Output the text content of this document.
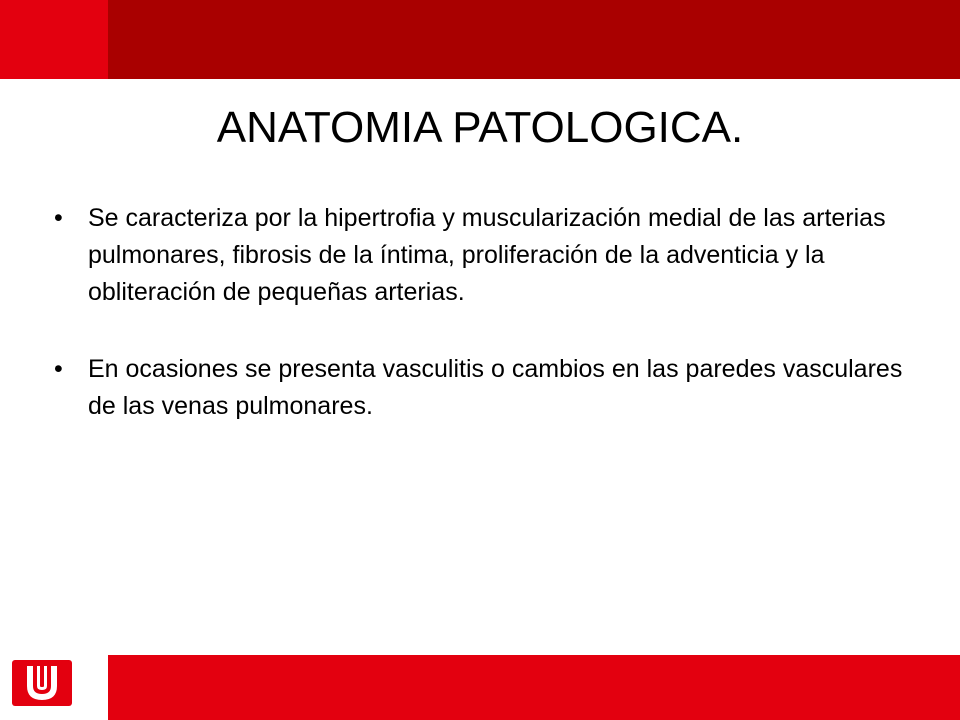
ANATOMIA PATOLOGICA.
• Se caracteriza por la hipertrofia y muscularización medial de las arterias pulmonares, fibrosis de la íntima, proliferación de la adventicia y la obliteración de pequeñas arterias.
• En ocasiones se presenta vasculitis o cambios en las paredes vasculares de las venas pulmonares.
